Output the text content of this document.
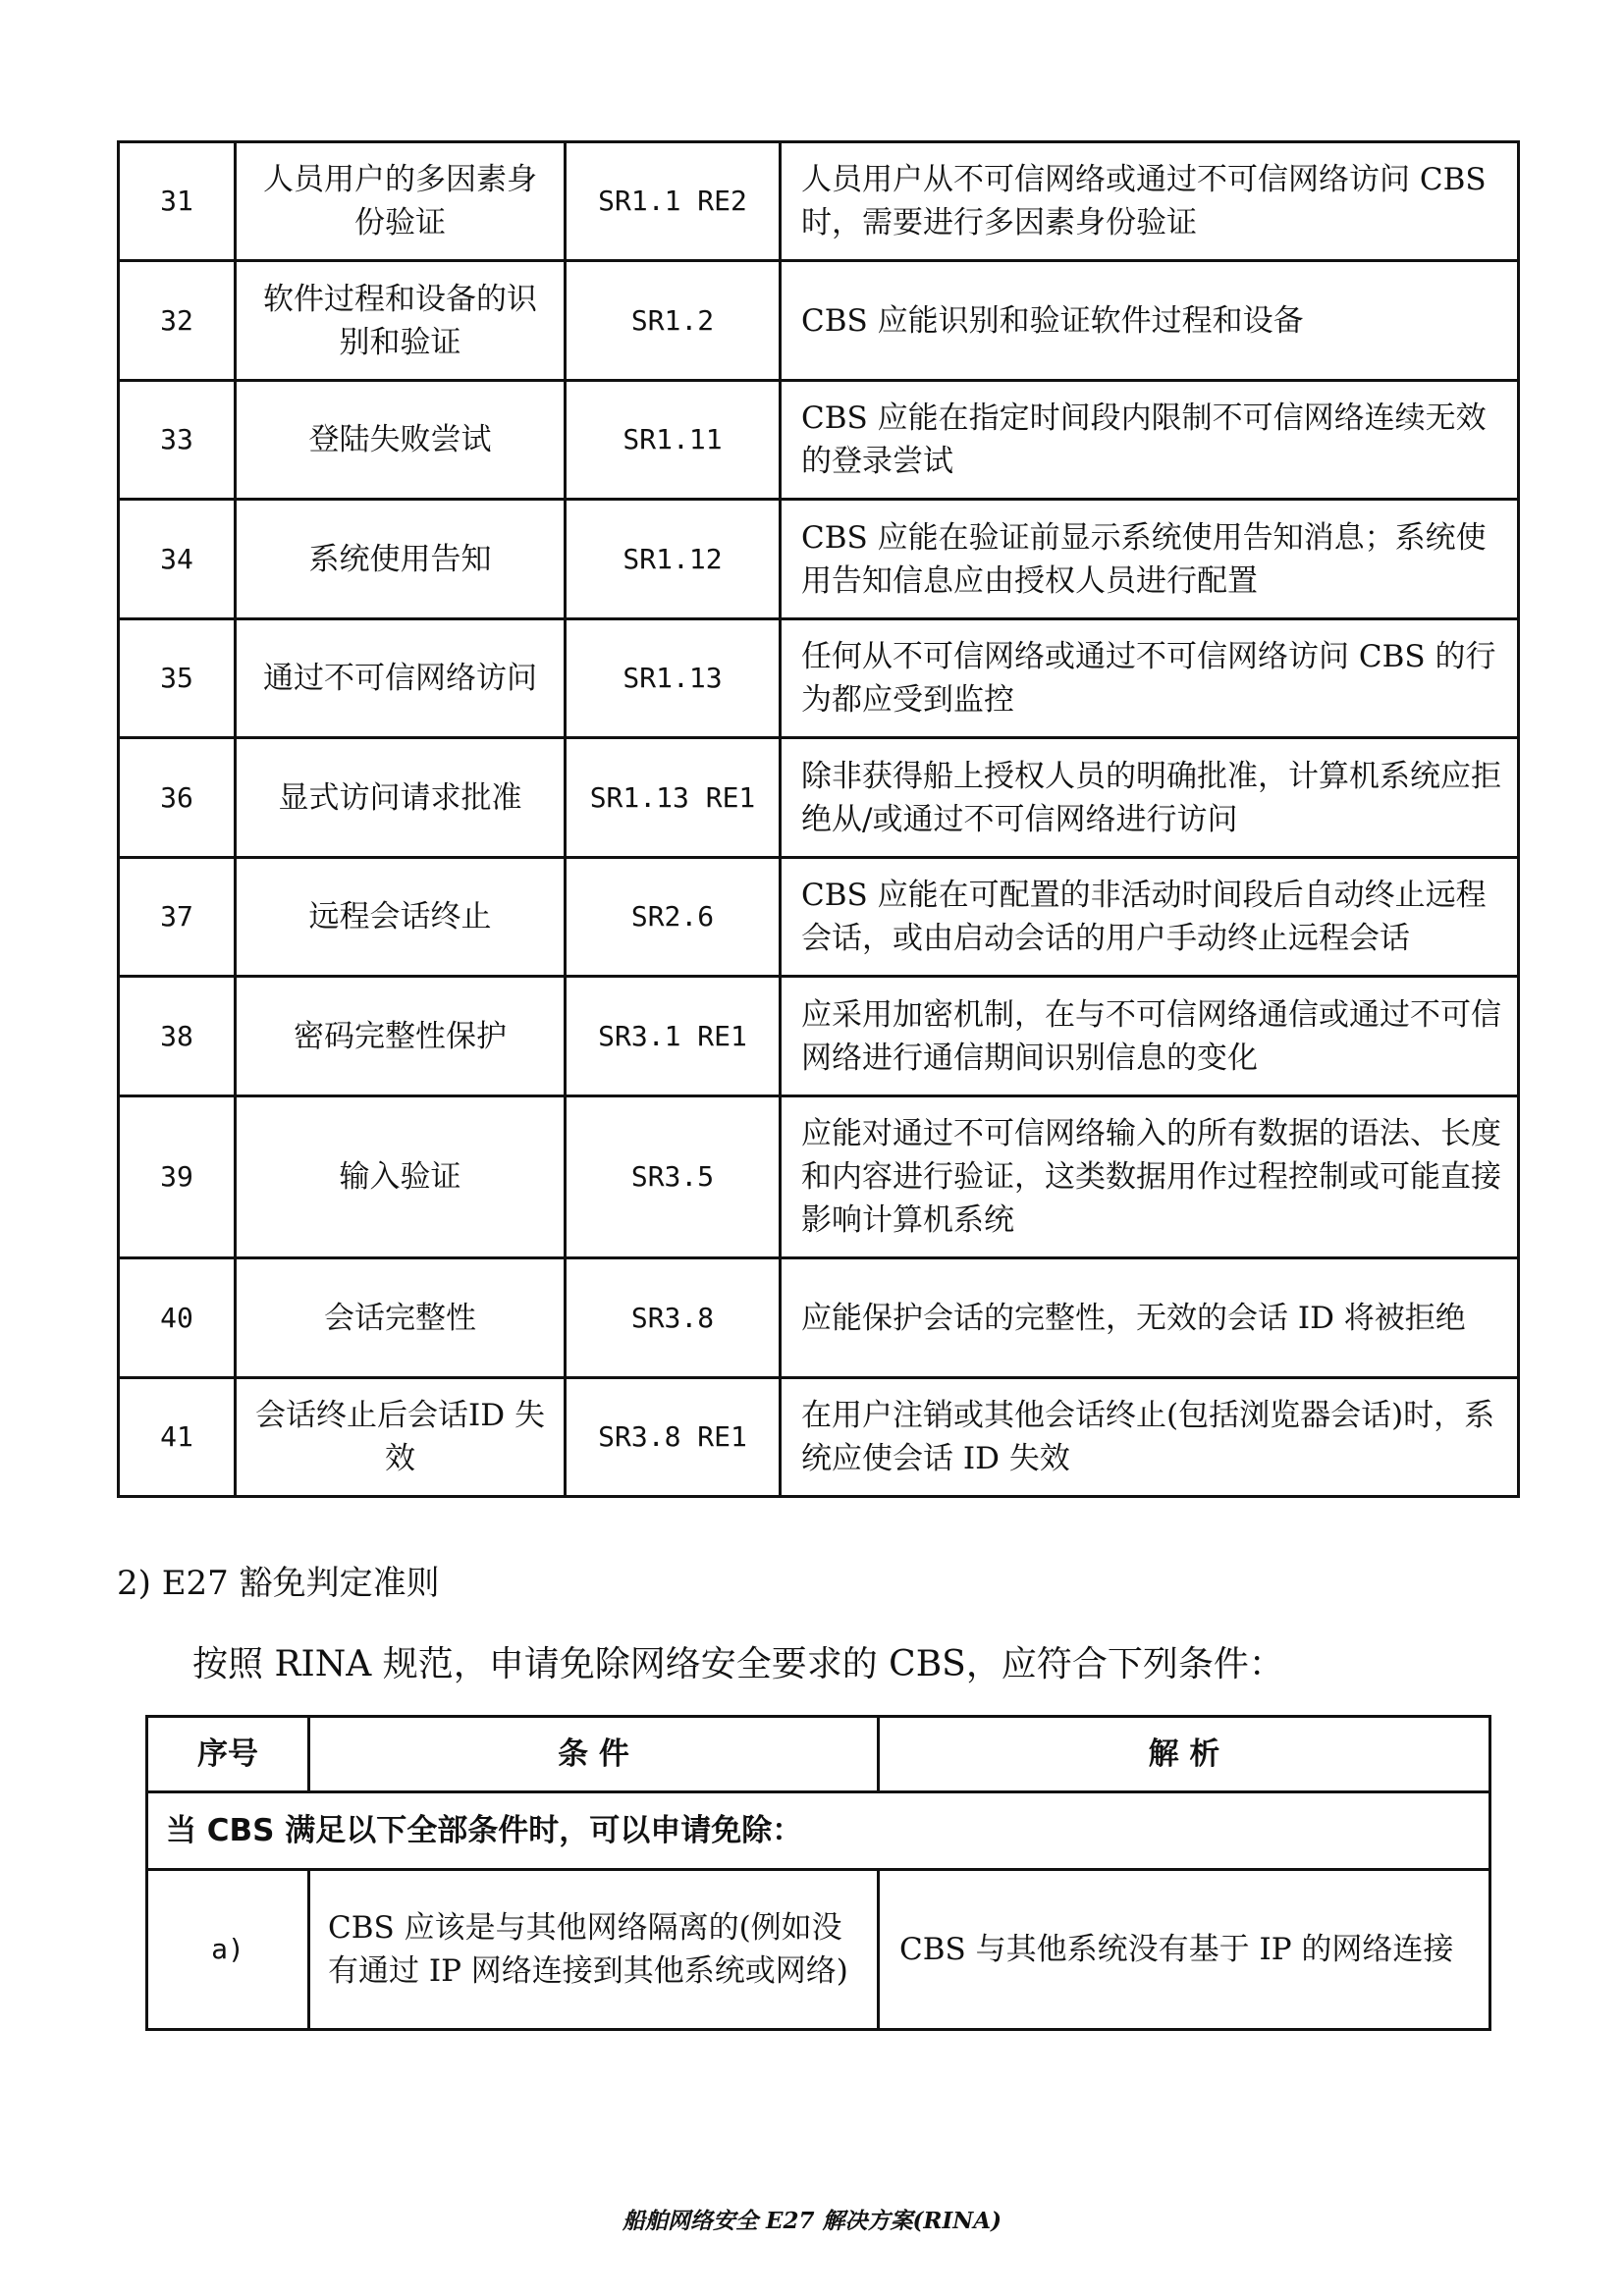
31	人员用户的多因素身份验证	SR1.1 RE2	人员用户从不可信网络或通过不可信网络访问 CBS 时，需要进行多因素身份验证
32	软件过程和设备的识别和验证	SR1.2	CBS 应能识别和验证软件过程和设备
33	登陆失败尝试	SR1.11	CBS 应能在指定时间段内限制不可信网络连续无效的登录尝试
34	系统使用告知	SR1.12	CBS 应能在验证前显示系统使用告知消息；系统使用告知信息应由授权人员进行配置
35	通过不可信网络访问	SR1.13	任何从不可信网络或通过不可信网络访问 CBS 的行为都应受到监控
36	显式访问请求批准	SR1.13 RE1	除非获得船上授权人员的明确批准，计算机系统应拒绝从/或通过不可信网络进行访问
37	远程会话终止	SR2.6	CBS 应能在可配置的非活动时间段后自动终止远程会话，或由启动会话的用户手动终止远程会话
38	密码完整性保护	SR3.1 RE1	应采用加密机制，在与不可信网络通信或通过不可信网络进行通信期间识别信息的变化
39	输入验证	SR3.5	应能对通过不可信网络输入的所有数据的语法、长度和内容进行验证，这类数据用作过程控制或可能直接影响计算机系统
40	会话完整性	SR3.8	应能保护会话的完整性，无效的会话 ID 将被拒绝
41	会话终止后会话ID 失效	SR3.8 RE1	在用户注销或其他会话终止(包括浏览器会话)时，系统应使会话 ID 失效
2) E27 豁免判定准则

按照 RINA 规范，申请免除网络安全要求的 CBS，应符合下列条件：

序号	条 件	解 析
当 CBS 满足以下全部条件时，可以申请免除：		
a)	CBS 应该是与其他网络隔离的(例如没有通过 IP 网络连接到其他系统或网络)	CBS 与其他系统没有基于 IP 的网络连接

船舶网络安全 E27 解决方案(RINA)
